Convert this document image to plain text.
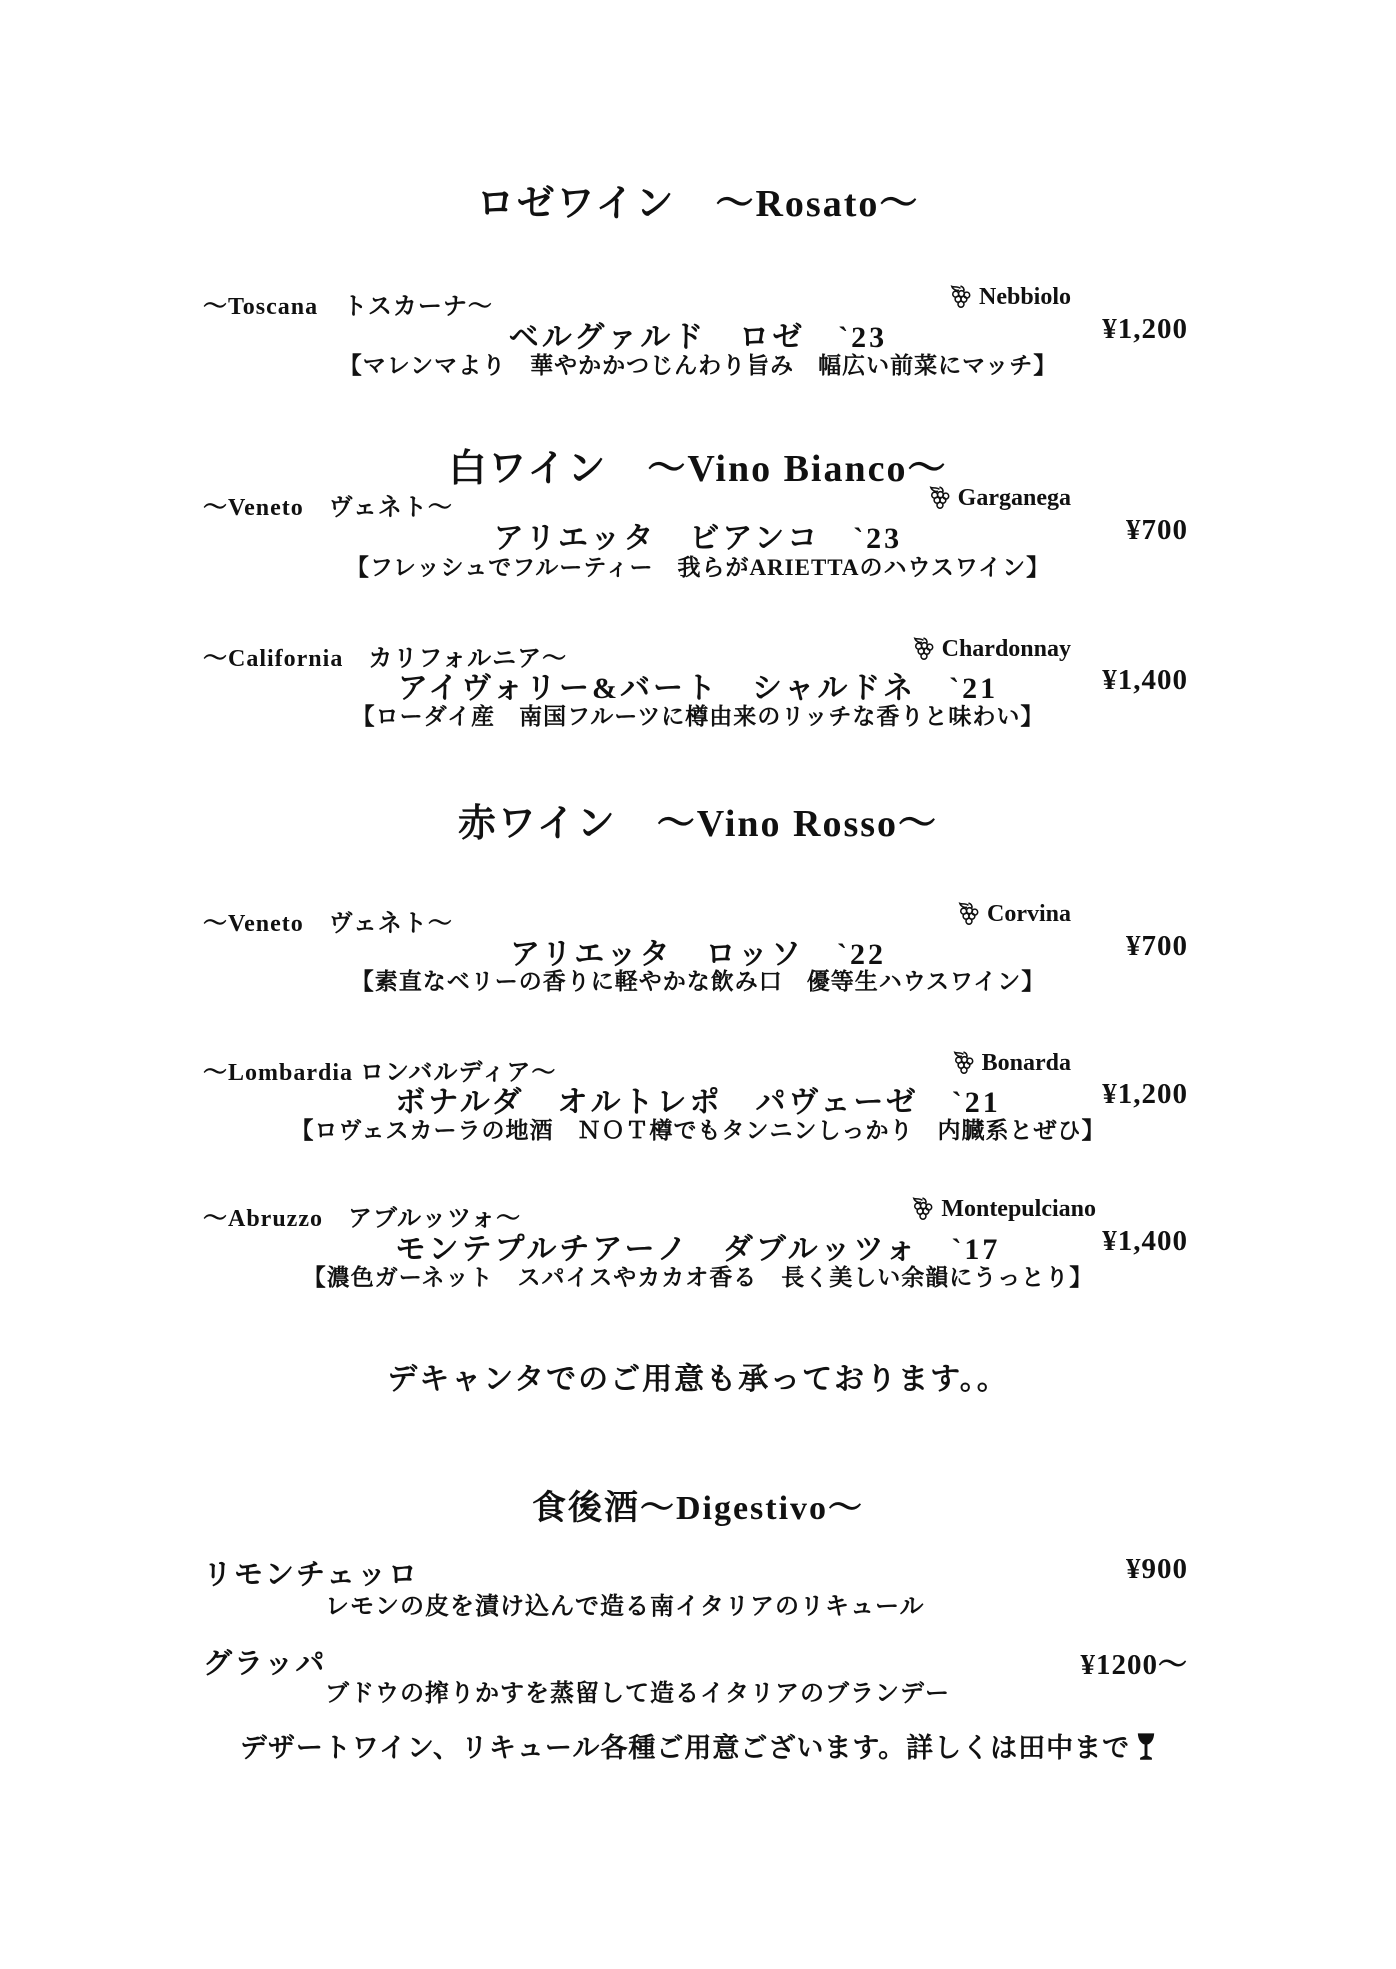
ロゼワイン　～Rosato～
～Toscana　トスカーナ～	Nebbiolo
ベルグァルド　ロゼ　`23	¥1,200
【マレンマより　華やかかつじんわり旨み　幅広い前菜にマッチ】
白ワイン　～Vino Bianco～
～Veneto　ヴェネト～	Garganega
アリエッタ　ビアンコ　`23	¥700
【フレッシュでフルーティー　我らがARIETTAのハウスワイン】
～California　カリフォルニア～	Chardonnay
アイヴォリー&バート　シャルドネ　`21	¥1,400
【ローダイ産　南国フルーツに樽由来のリッチな香りと味わい】
赤ワイン　～Vino Rosso～
～Veneto　ヴェネト～	Corvina
アリエッタ　ロッソ　`22	¥700
【素直なベリーの香りに軽やかな飲み口　優等生ハウスワイン】
～Lombardia ロンバルディア～	Bonarda
ボナルダ　オルトレポ　パヴェーゼ　`21	¥1,200
【ロヴェスカーラの地酒　ＮＯＴ樽でもタンニンしっかり　内臓系とぜひ】
～Abruzzo　アブルッツォ～	Montepulciano
モンテプルチアーノ　ダブルッツォ　`17	¥1,400
【濃色ガーネット　スパイスやカカオ香る　長く美しい余韻にうっとり】
デキャンタでのご用意も承っております。。
食後酒～Digestivo～
リモンチェッロ	¥900
レモンの皮を漬け込んで造る南イタリアのリキュール
グラッパ	¥1200～
ブドウの搾りかすを蒸留して造るイタリアのブランデー
デザートワイン、リキュール各種ご用意ございます。詳しくは田中まで
